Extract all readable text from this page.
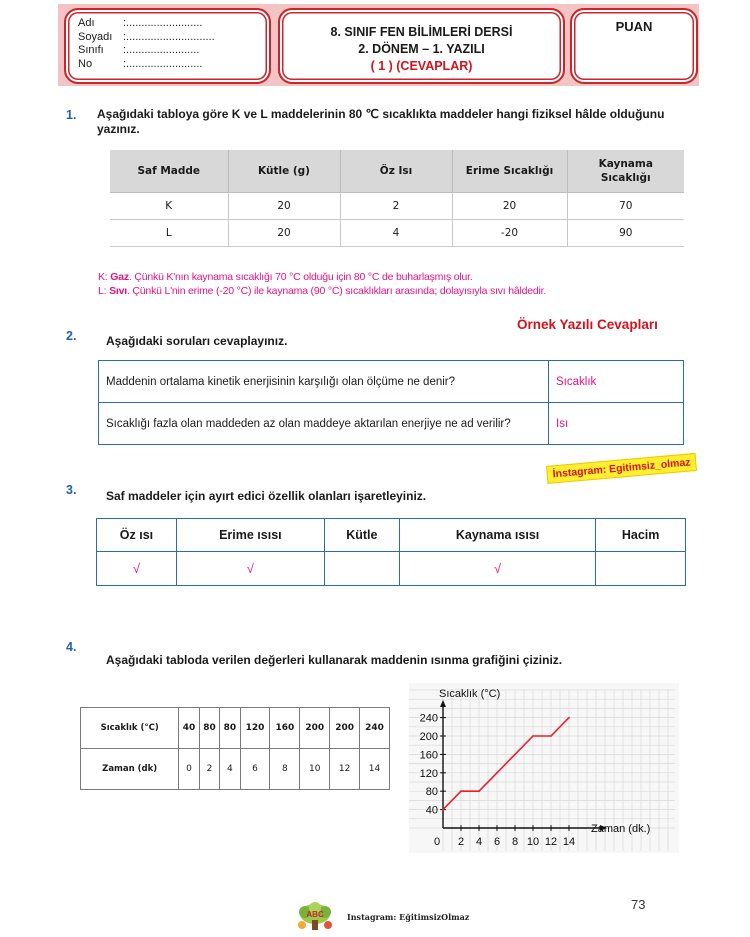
Adı	:.........................
Soyadı :.............................
Sınıfı	:........................
No	:.........................
8. SINIF FEN BİLİMLERİ DERSİ
2. DÖNEM – 1. YAZILI
( 1 ) (CEVAPLAR)
PUAN
1. Aşağıdaki tabloya göre K ve L maddelerinin 80 ℃ sıcaklıkta maddeler hangi fiziksel hâlde olduğunu yazınız.
Saf Madde	Kütle (g)	Öz Isı	Erime Sıcaklığı	Kaynama Sıcaklığı
K	20	2	20	70
L	20	4	-20	90
K: Gaz. Çünkü K'nın kaynama sıcaklığı 70 °C olduğu için 80 °C de buharlaşmış olur.
L: Sıvı. Çünkü L'nin erime (-20 °C) ile kaynama (90 °C) sıcaklıkları arasında; dolayısıyla sıvı hâldedir.
Örnek Yazılı Cevapları
2. Aşağıdaki soruları cevaplayınız.
Maddenin ortalama kinetik enerjisinin karşılığı olan ölçüme ne denir?	Sıcaklık
Sıcaklığı fazla olan maddeden az olan maddeye aktarılan enerjiye ne ad verilir?	Isı
İnstagram: Egitimsiz_olmaz
3. Saf maddeler için ayırt edici özellik olanları işaretleyiniz.
Öz ısı	Erime ısısı	Kütle	Kaynama ısısı	Hacim
√	√		√	
4.
Aşağıdaki tabloda verilen değerleri kullanarak maddenin ısınma grafiğini çiziniz.
Sıcaklık (°C)	40	80	80	120	160	200	200	240
Zaman (dk)	0	2	4	6	8	10	12	14
2 4 6 8 10 12 14
40
80
120
160
200
240
0
Sıcaklık (°C)
Zaman (dk.)
73
ABC	Instagram: EğitimsizOlmaz
